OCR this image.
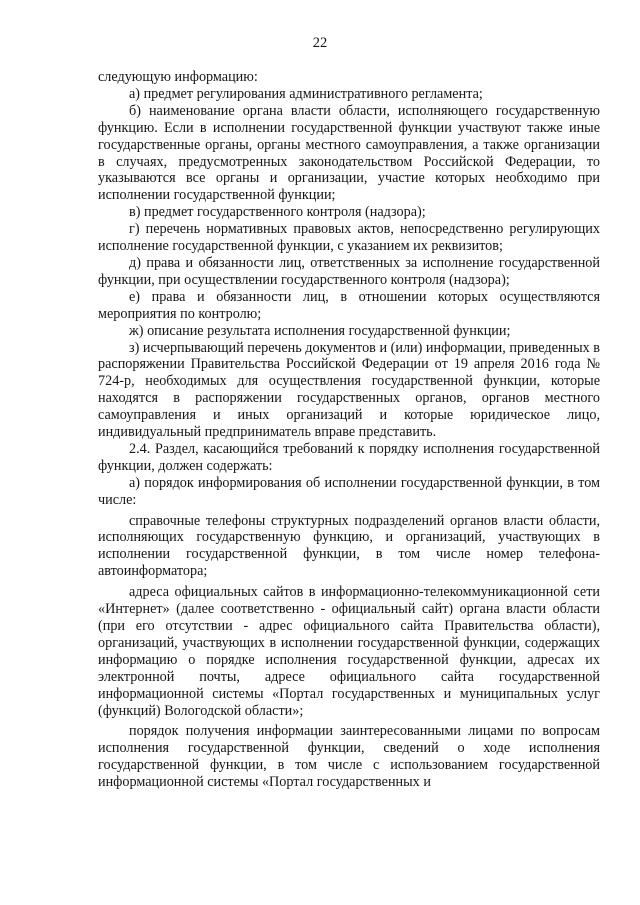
22

следующую информацию:

а) предмет регулирования административного регламента;

б) наименование органа власти области, исполняющего государственную функцию. Если в исполнении государственной функции участвуют также иные государственные органы, органы местного самоуправления, а также организации в случаях, предусмотренных законодательством Российской Федерации, то указываются все органы и организации, участие которых необходимо при исполнении государственной функции;

в) предмет государственного контроля (надзора);

г) перечень нормативных правовых актов, непосредственно регулирующих исполнение государственной функции, с указанием их реквизитов;

д) права и обязанности лиц, ответственных за исполнение государственной функции, при осуществлении государственного контроля (надзора);

е) права и обязанности лиц, в отношении которых осуществляются мероприятия по контролю;

ж) описание результата исполнения государственной функции;

з) исчерпывающий перечень документов и (или) информации, приведенных в распоряжении Правительства Российской Федерации от 19 апреля 2016 года № 724-р, необходимых для осуществления государственной функции, которые находятся в распоряжении государственных органов, органов местного самоуправления и иных организаций и которые юридическое лицо, индивидуальный предприниматель вправе представить.

2.4. Раздел, касающийся требований к порядку исполнения государственной функции, должен содержать:

а) порядок информирования об исполнении государственной функции, в том числе:

справочные телефоны структурных подразделений органов власти области, исполняющих государственную функцию, и организаций, участвующих в исполнении государственной функции, в том числе номер телефона-автоинформатора;

адреса официальных сайтов в информационно-телекоммуникационной сети «Интернет» (далее соответственно - официальный сайт) органа власти области (при его отсутствии - адрес официального сайта Правительства области), организаций, участвующих в исполнении государственной функции, содержащих информацию о порядке исполнения государственной функции, адресах их электронной почты, адресе официального сайта государственной информационной системы «Портал государственных и муниципальных услуг (функций) Вологодской области»;

порядок получения информации заинтересованными лицами по вопросам исполнения государственной функции, сведений о ходе исполнения государственной функции, в том числе с использованием государственной информационной системы «Портал государственных и
